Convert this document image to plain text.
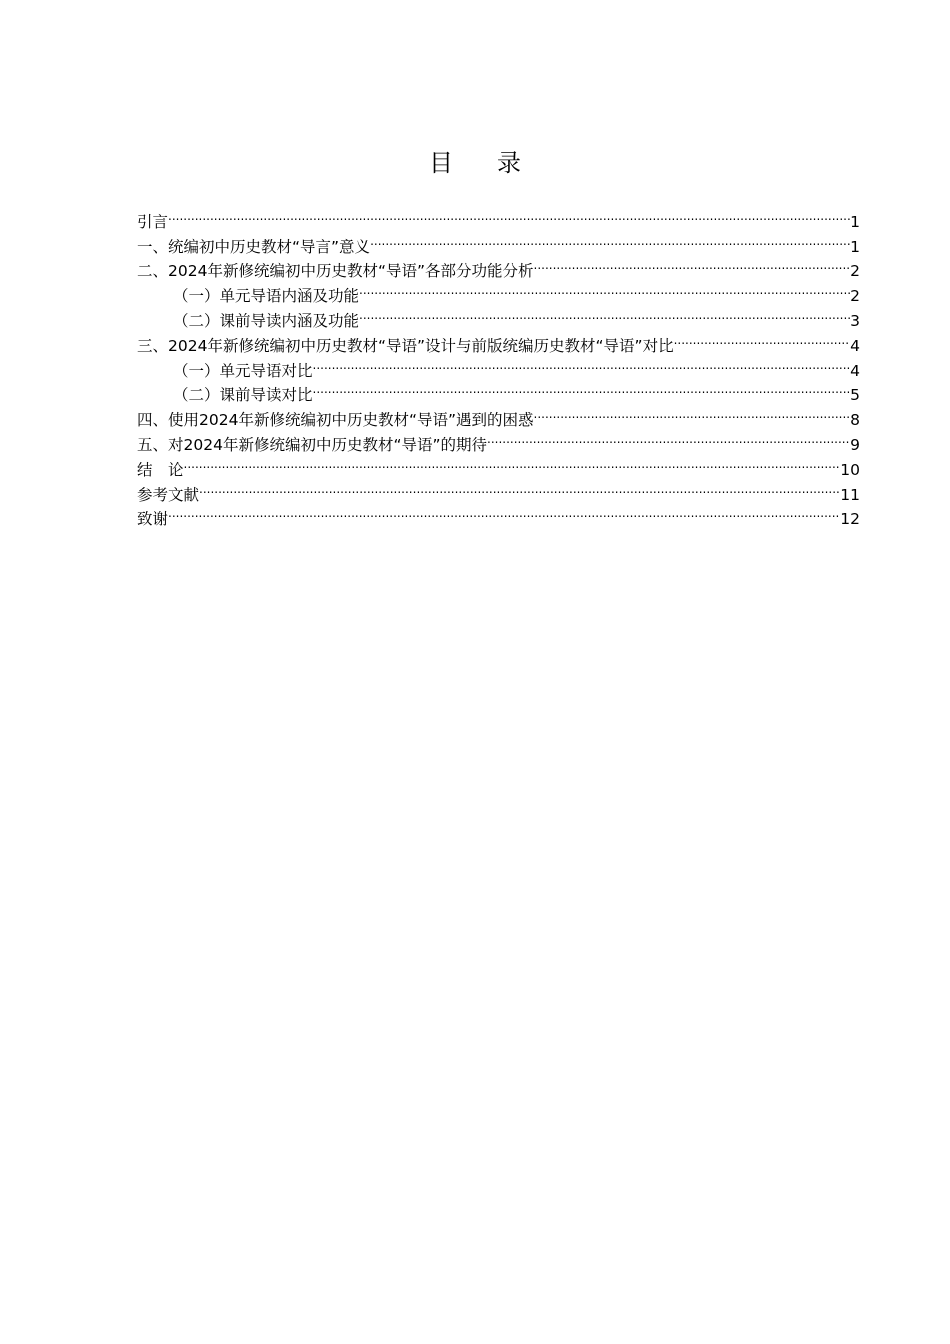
目录
引言 .....	1
一、统编初中历史教材“导言”意义 .....	1
二、2024年新修统编初中历史教材“导语”各部分功能分析 .....	2
（一）单元导语内涵及功能 .....	2
（二）课前导读内涵及功能 .....	3
三、2024年新修统编初中历史教材“导语”设计与前版统编历史教材“导语”对比 .....	4
（一）单元导语对比 .....	4
（二）课前导读对比 .....	5
四、使用2024年新修统编初中历史教材“导语”遇到的困惑 .....	8
五、对2024年新修统编初中历史教材“导语”的期待 .....	9
结　论 .....	10
参考文献 .....	11
致谢 .....	12
